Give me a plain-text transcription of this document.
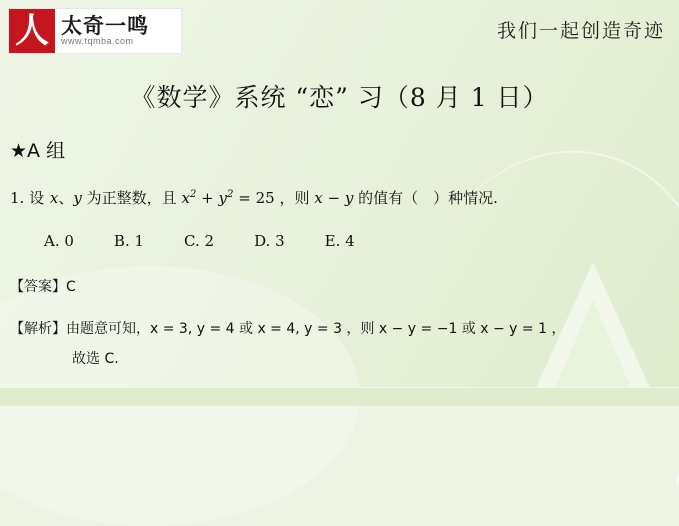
人 太奇一鸣
www.tqmba.com	我们一起创造奇迹
《数学》系统 “恋” 习（8 月 1 日）
★A 组
1. 设 x、y 为正整数，且 $x^2 + y^2 = 25$ ，则 x − y 的值有（　）种情况.
A. 0	B. 1	C. 2	D. 3	E. 4
【答案】C
【解析】由题意可知，x = 3, y = 4 或 x = 4, y = 3 ，则 x − y = −1 或 x − y = 1 ，
故选 C.
